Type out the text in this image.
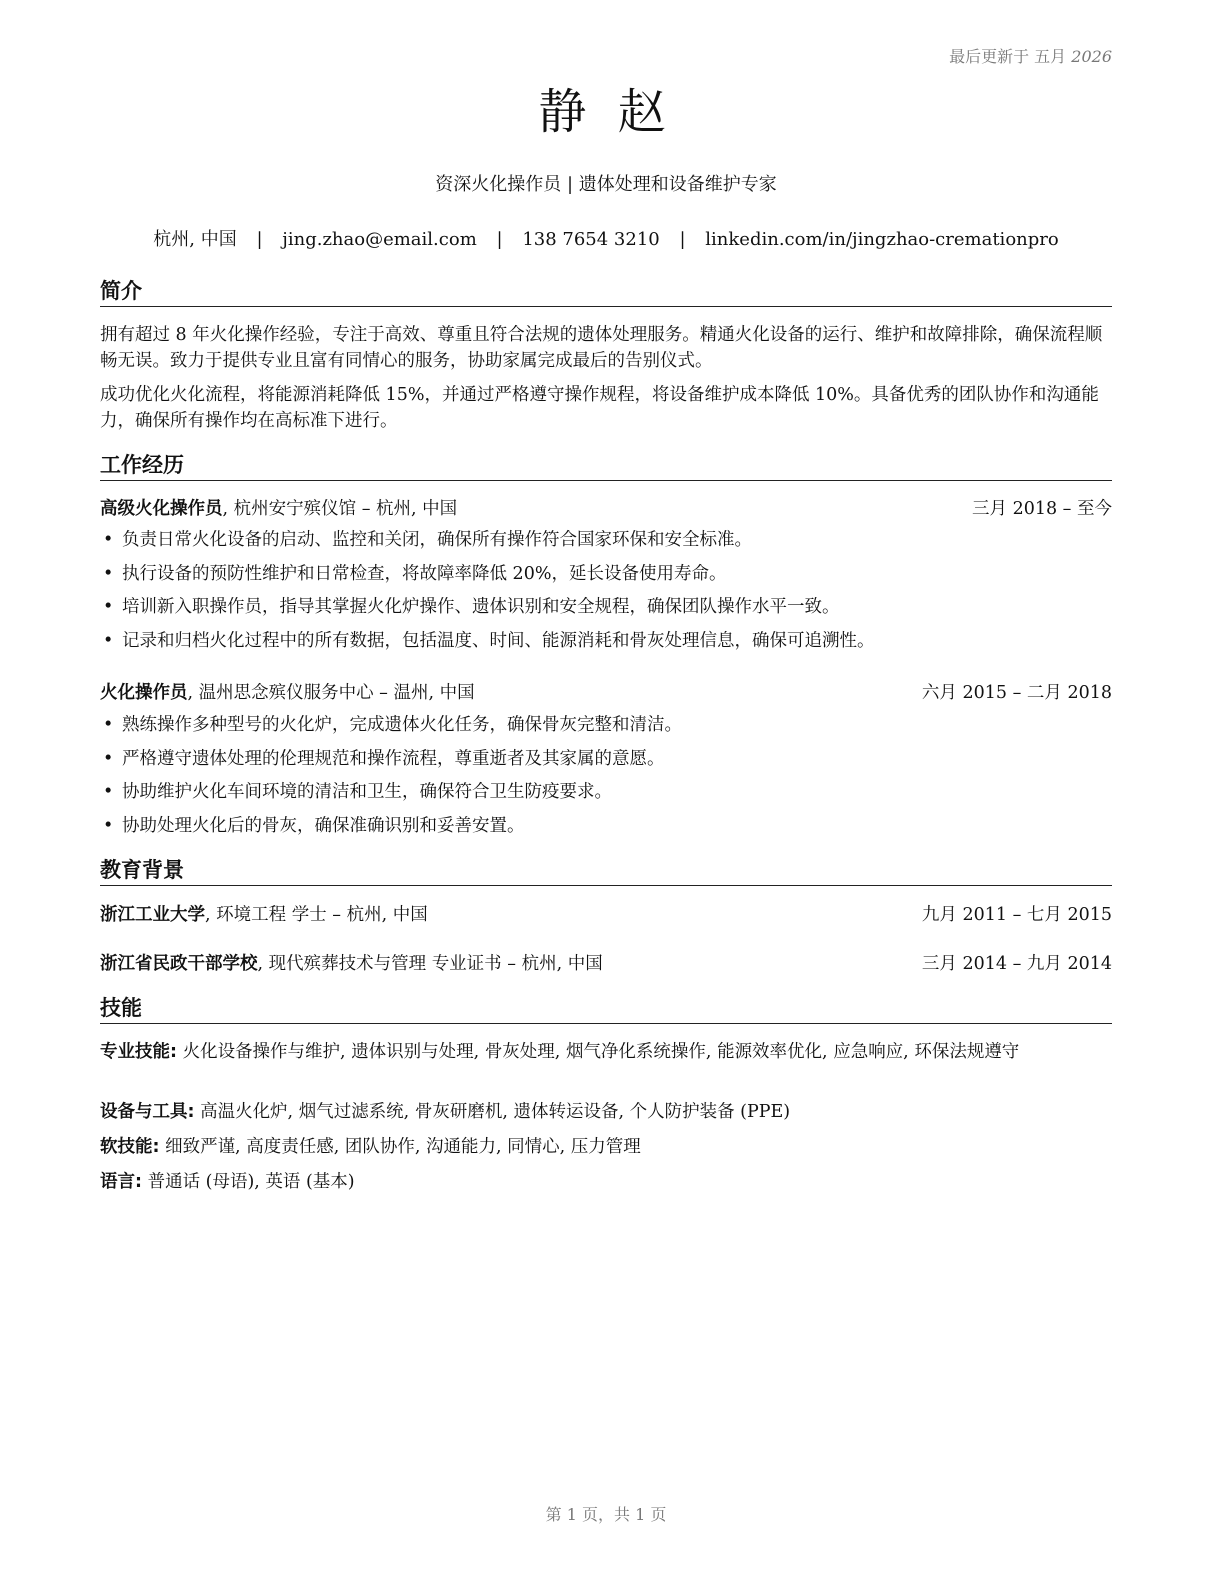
最后更新于 五月 2026
静 赵
资深火化操作员 | 遗体处理和设备维护专家
杭州, 中国 | jing.zhao@email.com | 138 7654 3210 | linkedin.com/in/jingzhao-cremationpro
简介
拥有超过 8 年火化操作经验，专注于高效、尊重且符合法规的遗体处理服务。精通火化设备的运行、维护和故障排除，确保流程顺畅无误。致力于提供专业且富有同情心的服务，协助家属完成最后的告别仪式。
成功优化火化流程，将能源消耗降低 15%，并通过严格遵守操作规程，将设备维护成本降低 10%。具备优秀的团队协作和沟通能力，确保所有操作均在高标准下进行。
工作经历
高级火化操作员, 杭州安宁殡仪馆 – 杭州, 中国	三月 2018 – 至今
• 负责日常火化设备的启动、监控和关闭，确保所有操作符合国家环保和安全标准。
• 执行设备的预防性维护和日常检查，将故障率降低 20%，延长设备使用寿命。
• 培训新入职操作员，指导其掌握火化炉操作、遗体识别和安全规程，确保团队操作水平一致。
• 记录和归档火化过程中的所有数据，包括温度、时间、能源消耗和骨灰处理信息，确保可追溯性。
火化操作员, 温州思念殡仪服务中心 – 温州, 中国	六月 2015 – 二月 2018
• 熟练操作多种型号的火化炉，完成遗体火化任务，确保骨灰完整和清洁。
• 严格遵守遗体处理的伦理规范和操作流程，尊重逝者及其家属的意愿。
• 协助维护火化车间环境的清洁和卫生，确保符合卫生防疫要求。
• 协助处理火化后的骨灰，确保准确识别和妥善安置。
教育背景
浙江工业大学, 环境工程 学士 – 杭州, 中国	九月 2011 – 七月 2015
浙江省民政干部学校, 现代殡葬技术与管理 专业证书 – 杭州, 中国	三月 2014 – 九月 2014
技能
专业技能: 火化设备操作与维护, 遗体识别与处理, 骨灰处理, 烟气净化系统操作, 能源效率优化, 应急响应, 环保法规遵守
设备与工具: 高温火化炉, 烟气过滤系统, 骨灰研磨机, 遗体转运设备, 个人防护装备 (PPE)
软技能: 细致严谨, 高度责任感, 团队协作, 沟通能力, 同情心, 压力管理
语言: 普通话 (母语), 英语 (基本)
第 1 页，共 1 页
